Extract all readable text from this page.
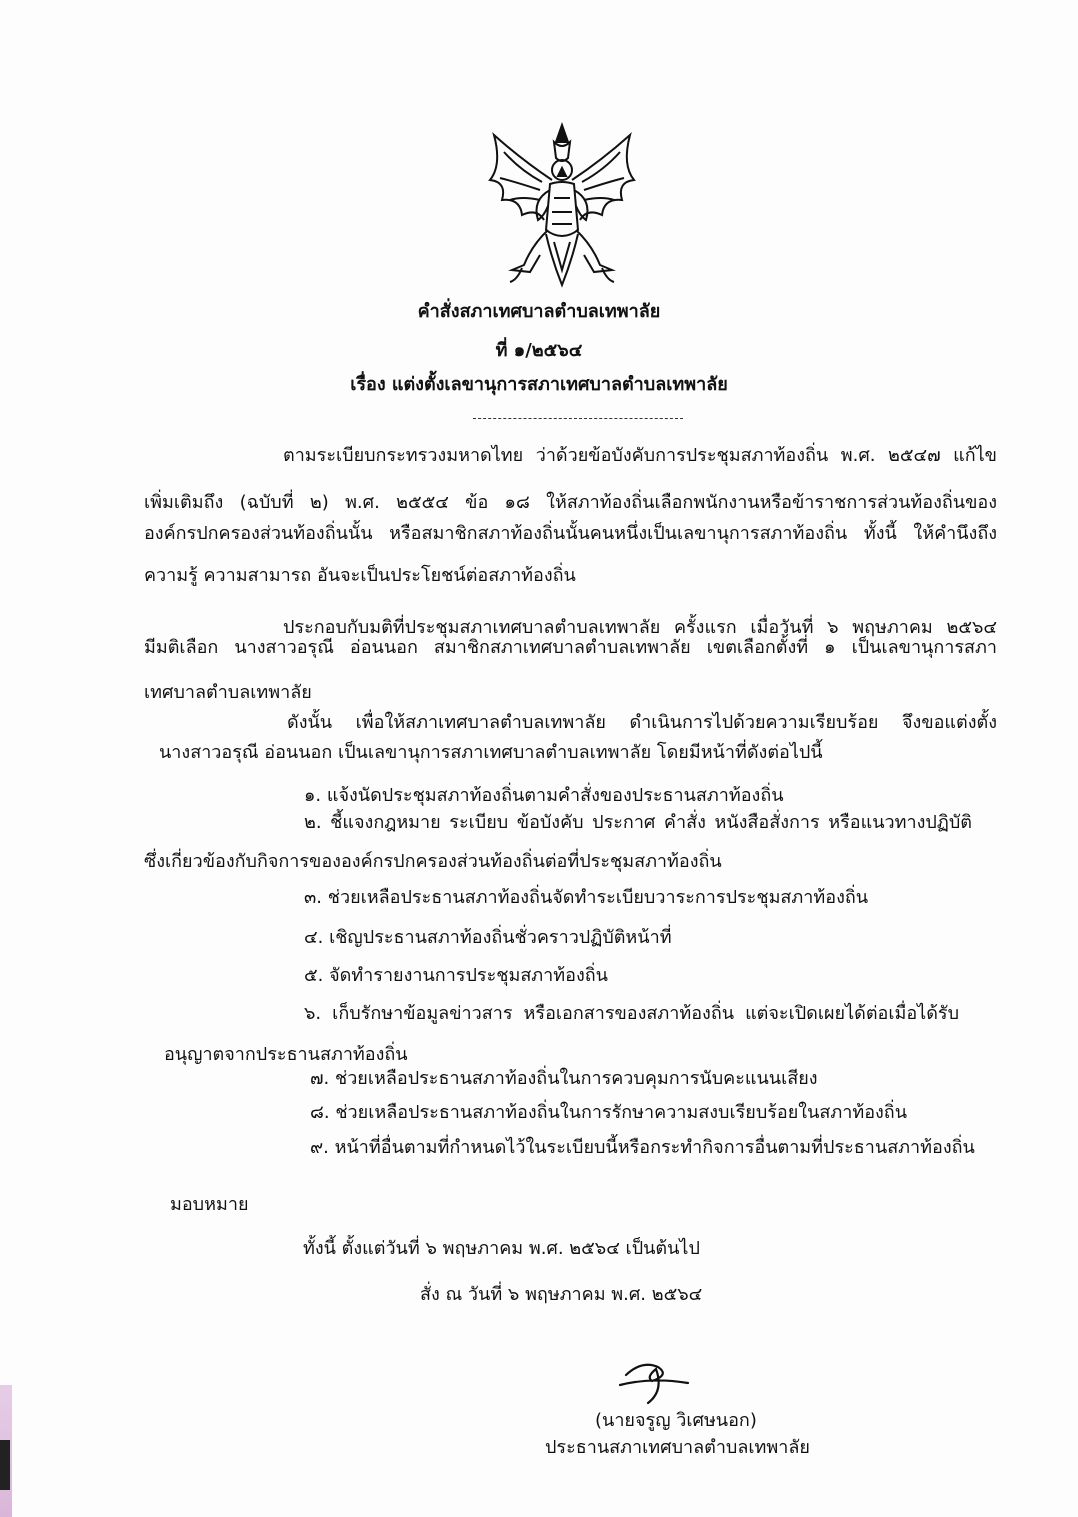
คำสั่งสภาเทศบาลตำบลเทพาลัย
ที่ ๑/๒๕๖๔
เรื่อง แต่งตั้งเลขานุการสภาเทศบาลตำบลเทพาลัย
ตามระเบียบกระทรวงมหาดไทย ว่าด้วยข้อบังคับการประชุมสภาท้องถิ่น พ.ศ. ๒๕๔๗ แก้ไข
เพิ่มเติมถึง (ฉบับที่ ๒) พ.ศ. ๒๕๕๔ ข้อ ๑๘ ให้สภาท้องถิ่นเลือกพนักงานหรือข้าราชการส่วนท้องถิ่นของ
องค์กรปกครองส่วนท้องถิ่นนั้น หรือสมาชิกสภาท้องถิ่นนั้นคนหนึ่งเป็นเลขานุการสภาท้องถิ่น ทั้งนี้ ให้คำนึงถึง
ความรู้ ความสามารถ อันจะเป็นประโยชน์ต่อสภาท้องถิ่น
ประกอบกับมติที่ประชุมสภาเทศบาลตำบลเทพาลัย ครั้งแรก เมื่อวันที่ ๖ พฤษภาคม ๒๕๖๔
มีมติเลือก นางสาวอรุณี อ่อนนอก สมาชิกสภาเทศบาลตำบลเทพาลัย เขตเลือกตั้งที่ ๑ เป็นเลขานุการสภา
เทศบาลตำบลเทพาลัย
ดังนั้น เพื่อให้สภาเทศบาลตำบลเทพาลัย ดำเนินการไปด้วยความเรียบร้อย จึงขอแต่งตั้ง
นางสาวอรุณี อ่อนนอก เป็นเลขานุการสภาเทศบาลตำบลเทพาลัย โดยมีหน้าที่ดังต่อไปนี้
๑. แจ้งนัดประชุมสภาท้องถิ่นตามคำสั่งของประธานสภาท้องถิ่น
๒. ชี้แจงกฎหมาย ระเบียบ ข้อบังคับ ประกาศ คำสั่ง หนังสือสั่งการ หรือแนวทางปฏิบัติ
ซึ่งเกี่ยวข้องกับกิจการขององค์กรปกครองส่วนท้องถิ่นต่อที่ประชุมสภาท้องถิ่น
๓. ช่วยเหลือประธานสภาท้องถิ่นจัดทำระเบียบวาระการประชุมสภาท้องถิ่น
๔. เชิญประธานสภาท้องถิ่นชั่วคราวปฏิบัติหน้าที่
๕. จัดทำรายงานการประชุมสภาท้องถิ่น
๖. เก็บรักษาข้อมูลข่าวสาร หรือเอกสารของสภาท้องถิ่น แต่จะเปิดเผยได้ต่อเมื่อได้รับ
อนุญาตจากประธานสภาท้องถิ่น
๗. ช่วยเหลือประธานสภาท้องถิ่นในการควบคุมการนับคะแนนเสียง
๘. ช่วยเหลือประธานสภาท้องถิ่นในการรักษาความสงบเรียบร้อยในสภาท้องถิ่น
๙. หน้าที่อื่นตามที่กำหนดไว้ในระเบียบนี้หรือกระทำกิจการอื่นตามที่ประธานสภาท้องถิ่น
มอบหมาย
ทั้งนี้ ตั้งแต่วันที่ ๖ พฤษภาคม พ.ศ. ๒๕๖๔ เป็นต้นไป
สั่ง ณ วันที่ ๖ พฤษภาคม พ.ศ. ๒๕๖๔
(นายจรูญ วิเศษนอก)
ประธานสภาเทศบาลตำบลเทพาลัย
